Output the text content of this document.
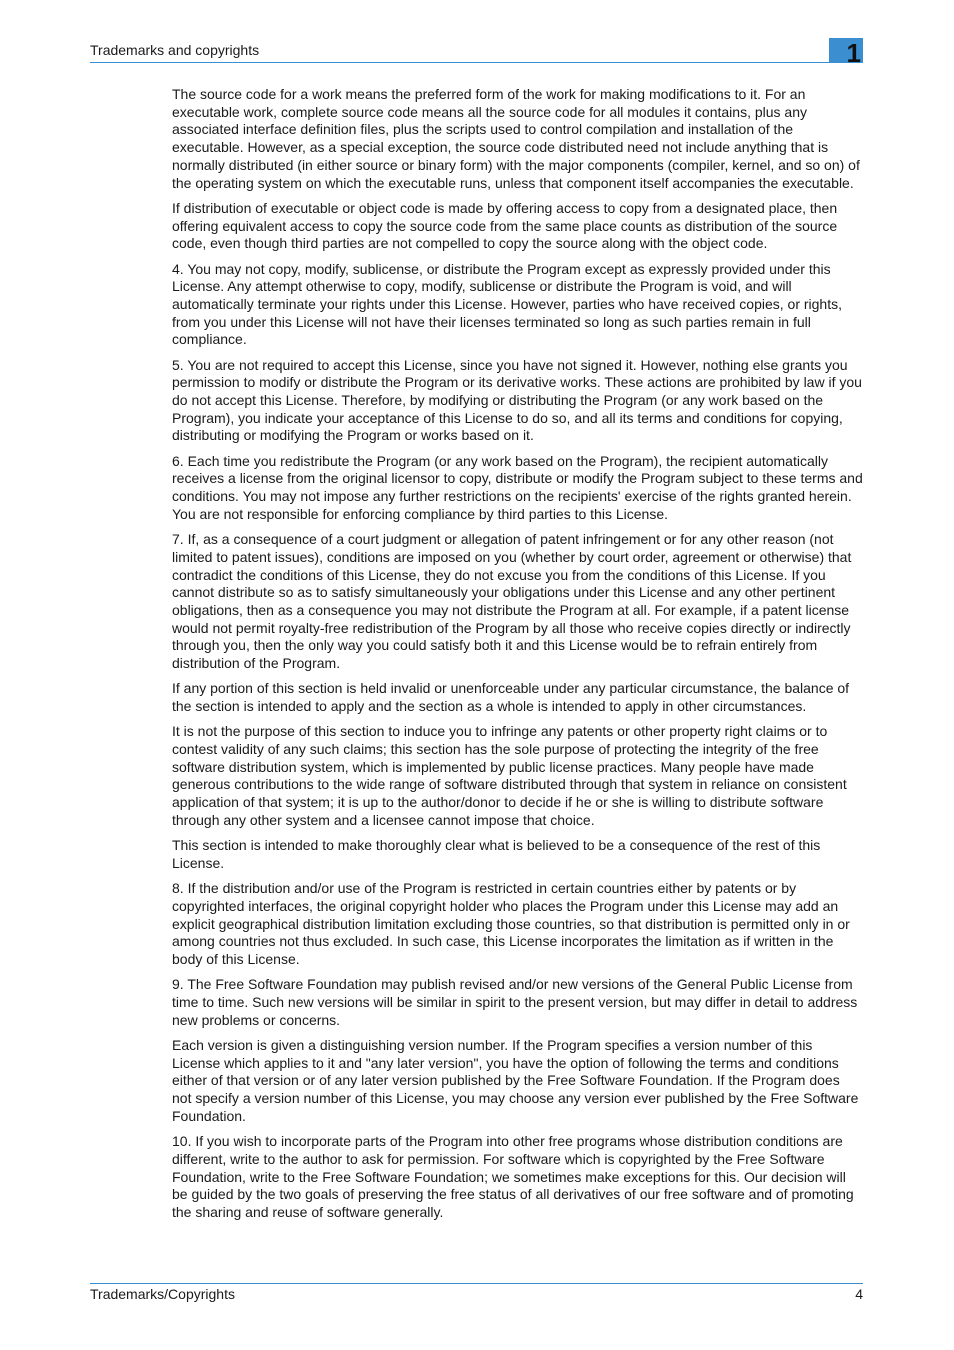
Trademarks and copyrights	1

The source code for a work means the preferred form of the work for making modifications to it. For an executable work, complete source code means all the source code for all modules it contains, plus any associated interface definition files, plus the scripts used to control compilation and installation of the executable. However, as a special exception, the source code distributed need not include anything that is normally distributed (in either source or binary form) with the major components (compiler, kernel, and so on) of the operating system on which the executable runs, unless that component itself accompanies the executable.

If distribution of executable or object code is made by offering access to copy from a designated place, then offering equivalent access to copy the source code from the same place counts as distribution of the source code, even though third parties are not compelled to copy the source along with the object code.

4. You may not copy, modify, sublicense, or distribute the Program except as expressly provided under this License. Any attempt otherwise to copy, modify, sublicense or distribute the Program is void, and will automatically terminate your rights under this License. However, parties who have received copies, or rights, from you under this License will not have their licenses terminated so long as such parties remain in full compliance.

5. You are not required to accept this License, since you have not signed it. However, nothing else grants you permission to modify or distribute the Program or its derivative works. These actions are prohibited by law if you do not accept this License. Therefore, by modifying or distributing the Program (or any work based on the Program), you indicate your acceptance of this License to do so, and all its terms and conditions for copying, distributing or modifying the Program or works based on it.

6. Each time you redistribute the Program (or any work based on the Program), the recipient automatically receives a license from the original licensor to copy, distribute or modify the Program subject to these terms and conditions. You may not impose any further restrictions on the recipients' exercise of the rights granted herein. You are not responsible for enforcing compliance by third parties to this License.

7. If, as a consequence of a court judgment or allegation of patent infringement or for any other reason (not limited to patent issues), conditions are imposed on you (whether by court order, agreement or otherwise) that contradict the conditions of this License, they do not excuse you from the conditions of this License. If you cannot distribute so as to satisfy simultaneously your obligations under this License and any other pertinent obligations, then as a consequence you may not distribute the Program at all. For example, if a patent license would not permit royalty-free redistribution of the Program by all those who receive copies directly or indirectly through you, then the only way you could satisfy both it and this License would be to refrain entirely from distribution of the Program.

If any portion of this section is held invalid or unenforceable under any particular circumstance, the balance of the section is intended to apply and the section as a whole is intended to apply in other circumstances.

It is not the purpose of this section to induce you to infringe any patents or other property right claims or to contest validity of any such claims; this section has the sole purpose of protecting the integrity of the free software distribution system, which is implemented by public license practices. Many people have made generous contributions to the wide range of software distributed through that system in reliance on consistent application of that system; it is up to the author/donor to decide if he or she is willing to distribute software through any other system and a licensee cannot impose that choice.

This section is intended to make thoroughly clear what is believed to be a consequence of the rest of this License.

8. If the distribution and/or use of the Program is restricted in certain countries either by patents or by copyrighted interfaces, the original copyright holder who places the Program under this License may add an explicit geographical distribution limitation excluding those countries, so that distribution is permitted only in or among countries not thus excluded. In such case, this License incorporates the limitation as if written in the body of this License.

9. The Free Software Foundation may publish revised and/or new versions of the General Public License from time to time. Such new versions will be similar in spirit to the present version, but may differ in detail to address new problems or concerns.

Each version is given a distinguishing version number. If the Program specifies a version number of this License which applies to it and "any later version", you have the option of following the terms and conditions either of that version or of any later version published by the Free Software Foundation. If the Program does not specify a version number of this License, you may choose any version ever published by the Free Software Foundation.

10. If you wish to incorporate parts of the Program into other free programs whose distribution conditions are different, write to the author to ask for permission. For software which is copyrighted by the Free Software Foundation, write to the Free Software Foundation; we sometimes make exceptions for this. Our decision will be guided by the two goals of preserving the free status of all derivatives of our free software and of promoting the sharing and reuse of software generally.

Trademarks/Copyrights	4
